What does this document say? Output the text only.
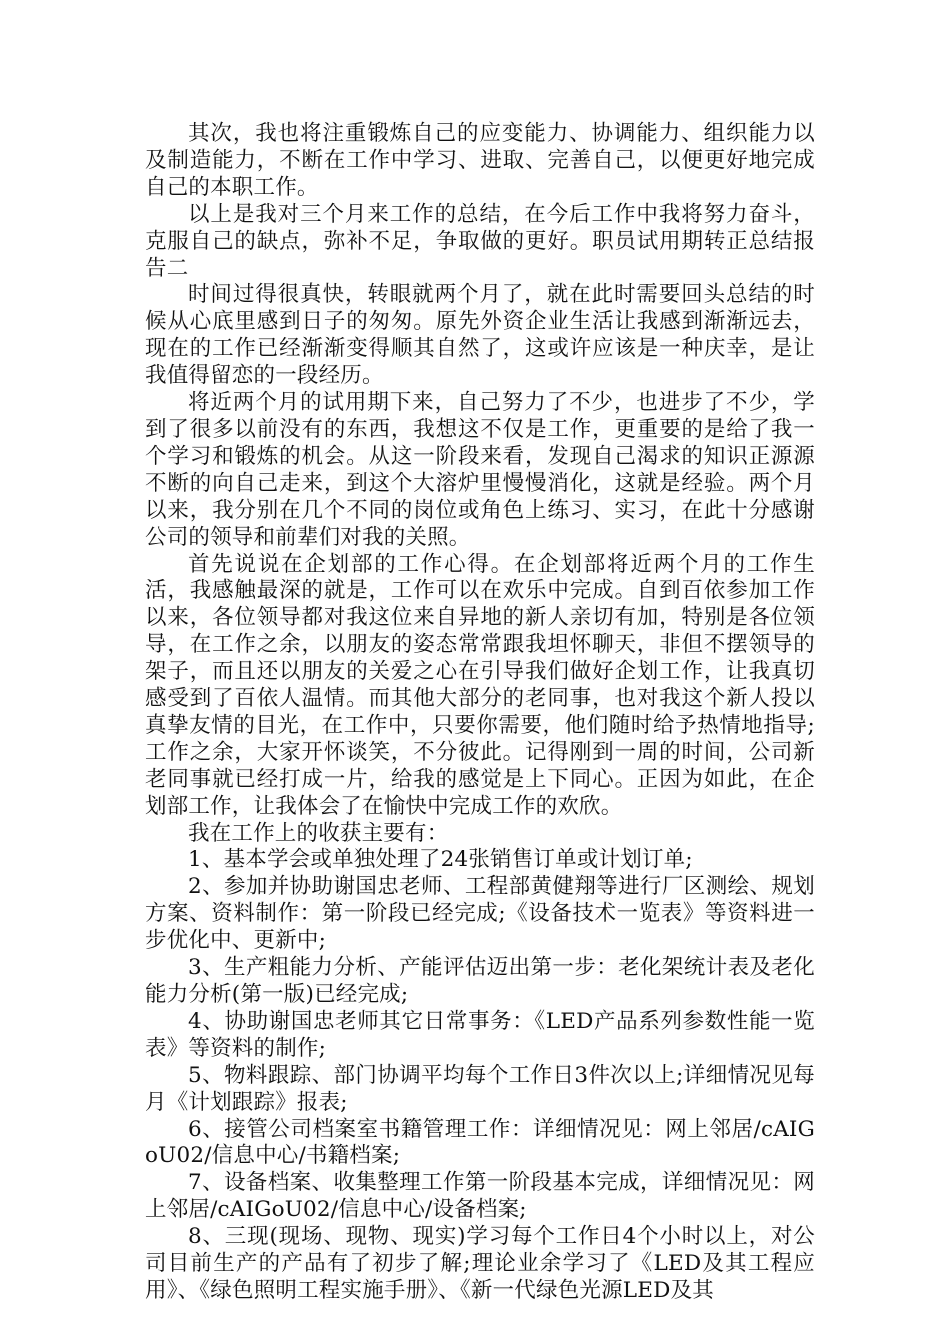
其次，我也将注重锻炼自己的应变能力、协调能力、组织能力以及制造能力，不断在工作中学习、进取、完善自己，以便更好地完成自己的本职工作。

以上是我对三个月来工作的总结，在今后工作中我将努力奋斗，克服自己的缺点，弥补不足，争取做的更好。职员试用期转正总结报告二

时间过得很真快，转眼就两个月了，就在此时需要回头总结的时候从心底里感到日子的匆匆。原先外资企业生活让我感到渐渐远去，现在的工作已经渐渐变得顺其自然了，这或许应该是一种庆幸，是让我值得留恋的一段经历。

将近两个月的试用期下来，自己努力了不少，也进步了不少，学到了很多以前没有的东西，我想这不仅是工作，更重要的是给了我一个学习和锻炼的机会。从这一阶段来看，发现自己渴求的知识正源源不断的向自己走来，到这个大溶炉里慢慢消化，这就是经验。两个月以来，我分别在几个不同的岗位或角色上练习、实习，在此十分感谢公司的领导和前辈们对我的关照。

首先说说在企划部的工作心得。在企划部将近两个月的工作生活，我感触最深的就是，工作可以在欢乐中完成。自到百依参加工作以来，各位领导都对我这位来自异地的新人亲切有加，特别是各位领导，在工作之余，以朋友的姿态常常跟我坦怀聊天，非但不摆领导的架子，而且还以朋友的关爱之心在引导我们做好企划工作，让我真切感受到了百依人温情。而其他大部分的老同事，也对我这个新人投以真挚友情的目光，在工作中，只要你需要，他们随时给予热情地指导;工作之余，大家开怀谈笑，不分彼此。记得刚到一周的时间，公司新老同事就已经打成一片，给我的感觉是上下同心。正因为如此，在企划部工作，让我体会了在愉快中完成工作的欢欣。

我在工作上的收获主要有：

1、基本学会或单独处理了24张销售订单或计划订单;

2、参加并协助谢国忠老师、工程部黄健翔等进行厂区测绘、规划方案、资料制作：第一阶段已经完成;《设备技术一览表》等资料进一步优化中、更新中;

3、生产粗能力分析、产能评估迈出第一步：老化架统计表及老化能力分析(第一版)已经完成;

4、协助谢国忠老师其它日常事务：《LED产品系列参数性能一览表》等资料的制作;

5、物料跟踪、部门协调平均每个工作日3件次以上;详细情况见每月《计划跟踪》报表;

6、接管公司档案室书籍管理工作：详细情况见：网上邻居/cAIGoU02/信息中心/书籍档案;

7、设备档案、收集整理工作第一阶段基本完成，详细情况见：网上邻居/cAIGoU02/信息中心/设备档案;

8、三现(现场、现物、现实)学习每个工作日4个小时以上，对公司目前生产的产品有了初步了解;理论业余学习了《LED及其工程应用》、《绿色照明工程实施手册》、《新一代绿色光源LED及其
